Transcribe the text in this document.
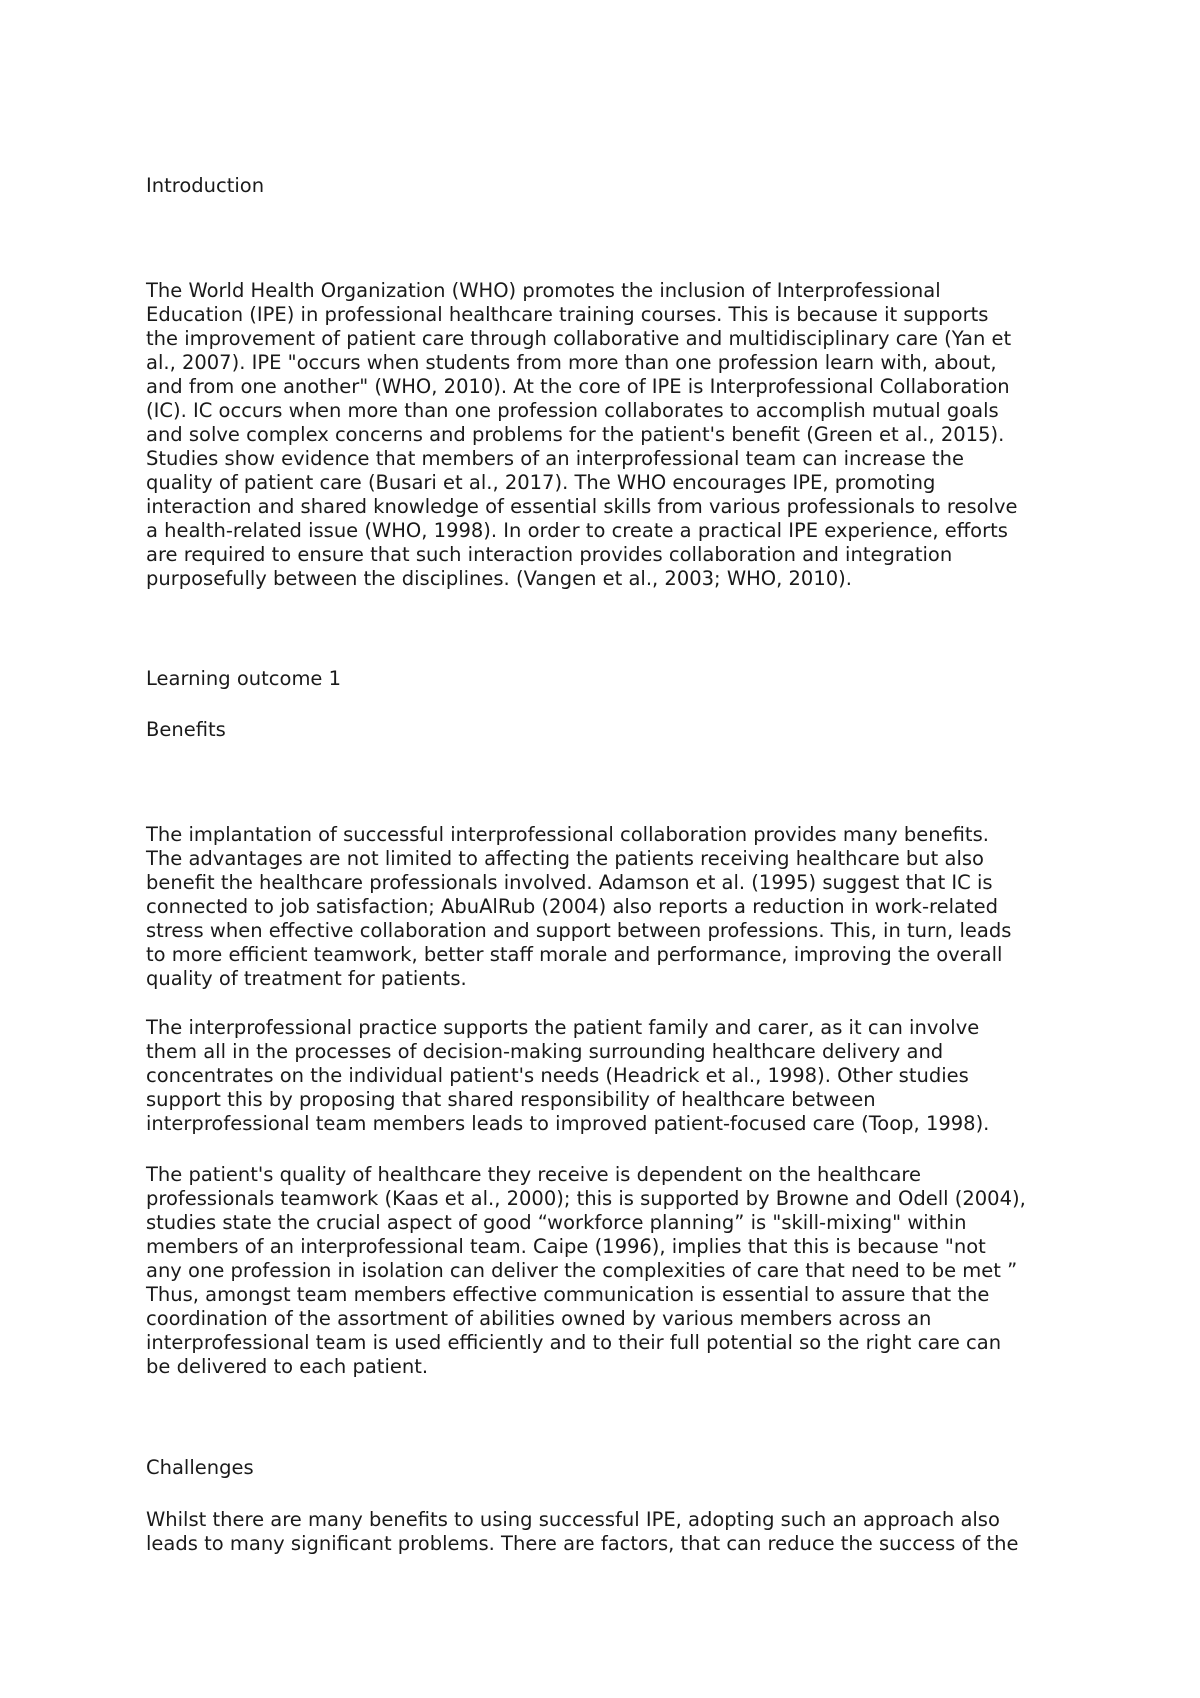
Introduction

The World Health Organization (WHO) promotes the inclusion of Interprofessional
Education (IPE) in professional healthcare training courses. This is because it supports
the improvement of patient care through collaborative and multidisciplinary care (Yan et
al., 2007). IPE "occurs when students from more than one profession learn with, about,
and from one another" (WHO, 2010). At the core of IPE is Interprofessional Collaboration
(IC). IC occurs when more than one profession collaborates to accomplish mutual goals
and solve complex concerns and problems for the patient's benefit (Green et al., 2015).
Studies show evidence that members of an interprofessional team can increase the
quality of patient care (Busari et al., 2017). The WHO encourages IPE, promoting
interaction and shared knowledge of essential skills from various professionals to resolve
a health-related issue (WHO, 1998). In order to create a practical IPE experience, efforts
are required to ensure that such interaction provides collaboration and integration
purposefully between the disciplines. (Vangen et al., 2003; WHO, 2010).

Learning outcome 1
Benefits

The implantation of successful interprofessional collaboration provides many benefits.
The advantages are not limited to affecting the patients receiving healthcare but also
benefit the healthcare professionals involved. Adamson et al. (1995) suggest that IC is
connected to job satisfaction; AbuAlRub (2004) also reports a reduction in work-related
stress when effective collaboration and support between professions. This, in turn, leads
to more efficient teamwork, better staff morale and performance, improving the overall
quality of treatment for patients.

The interprofessional practice supports the patient family and carer, as it can involve
them all in the processes of decision-making surrounding healthcare delivery and
concentrates on the individual patient's needs (Headrick et al., 1998). Other studies
support this by proposing that shared responsibility of healthcare between
interprofessional team members leads to improved patient-focused care (Toop, 1998).

The patient's quality of healthcare they receive is dependent on the healthcare
professionals teamwork (Kaas et al., 2000); this is supported by Browne and Odell (2004),
studies state the crucial aspect of good “workforce planning” is "skill-mixing" within
members of an interprofessional team. Caipe (1996), implies that this is because "not
any one profession in isolation can deliver the complexities of care that need to be met ”
Thus, amongst team members effective communication is essential to assure that the
coordination of the assortment of abilities owned by various members across an
interprofessional team is used efficiently and to their full potential so the right care can
be delivered to each patient.

Challenges

Whilst there are many benefits to using successful IPE, adopting such an approach also
leads to many significant problems. There are factors, that can reduce the success of the
